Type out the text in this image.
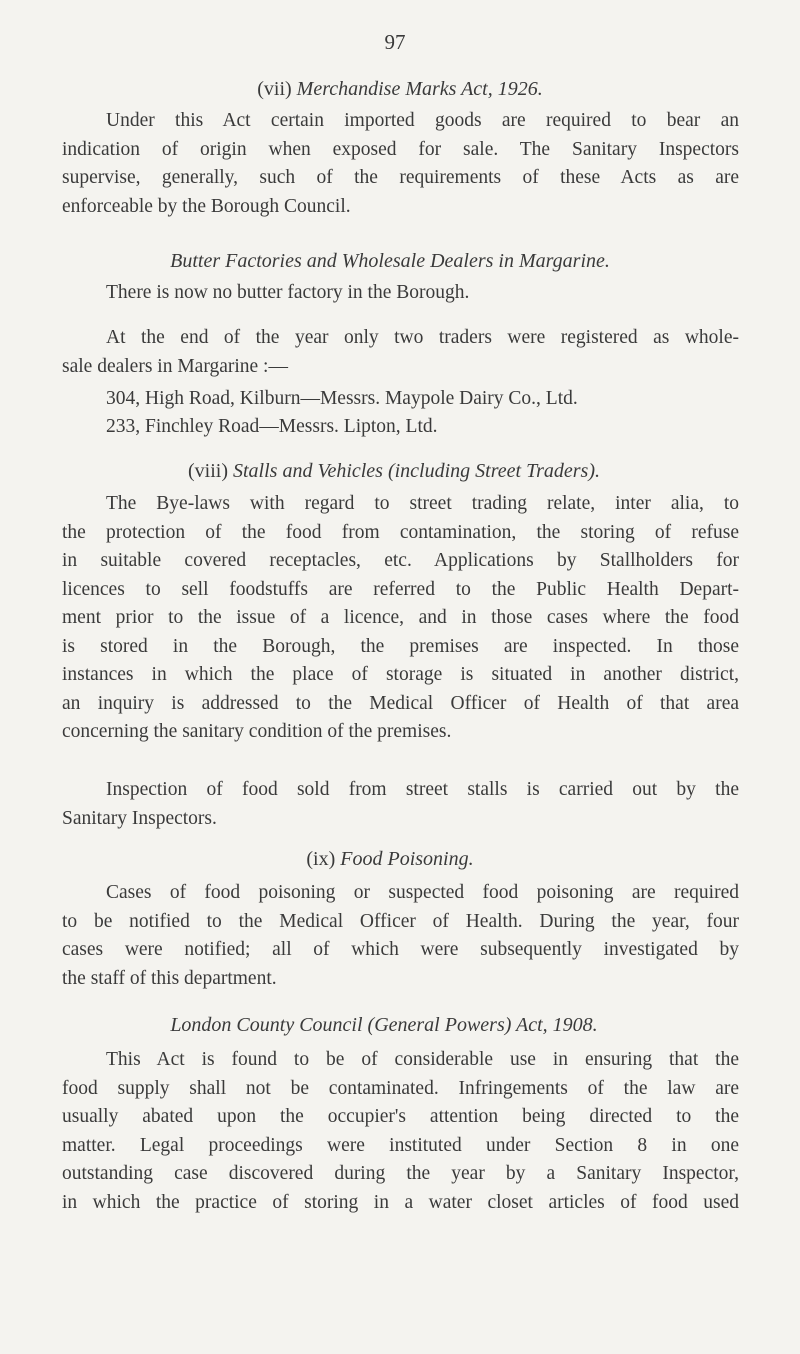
97
(vii) Merchandise Marks Act, 1926.
Under this Act certain imported goods are required to bear an
indication of origin when exposed for sale. The Sanitary Inspectors
supervise, generally, such of the requirements of these Acts as are
enforceable by the Borough Council.
Butter Factories and Wholesale Dealers in Margarine.
There is now no butter factory in the Borough.
At the end of the year only two traders were registered as whole-
sale dealers in Margarine :—
304, High Road, Kilburn—Messrs. Maypole Dairy Co., Ltd.
233, Finchley Road—Messrs. Lipton, Ltd.
(viii) Stalls and Vehicles (including Street Traders).
The Bye-laws with regard to street trading relate, inter alia, to
the protection of the food from contamination, the storing of refuse
in suitable covered receptacles, etc. Applications by Stallholders for
licences to sell foodstuffs are referred to the Public Health Depart-
ment prior to the issue of a licence, and in those cases where the food
is stored in the Borough, the premises are inspected. In those
instances in which the place of storage is situated in another district,
an inquiry is addressed to the Medical Officer of Health of that area
concerning the sanitary condition of the premises.
Inspection of food sold from street stalls is carried out by the
Sanitary Inspectors.
(ix) Food Poisoning.
Cases of food poisoning or suspected food poisoning are required
to be notified to the Medical Officer of Health. During the year, four
cases were notified; all of which were subsequently investigated by
the staff of this department.
London County Council (General Powers) Act, 1908.
This Act is found to be of considerable use in ensuring that the
food supply shall not be contaminated. Infringements of the law are
usually abated upon the occupier's attention being directed to the
matter. Legal proceedings were instituted under Section 8 in one
outstanding case discovered during the year by a Sanitary Inspector,
in which the practice of storing in a water closet articles of food used
